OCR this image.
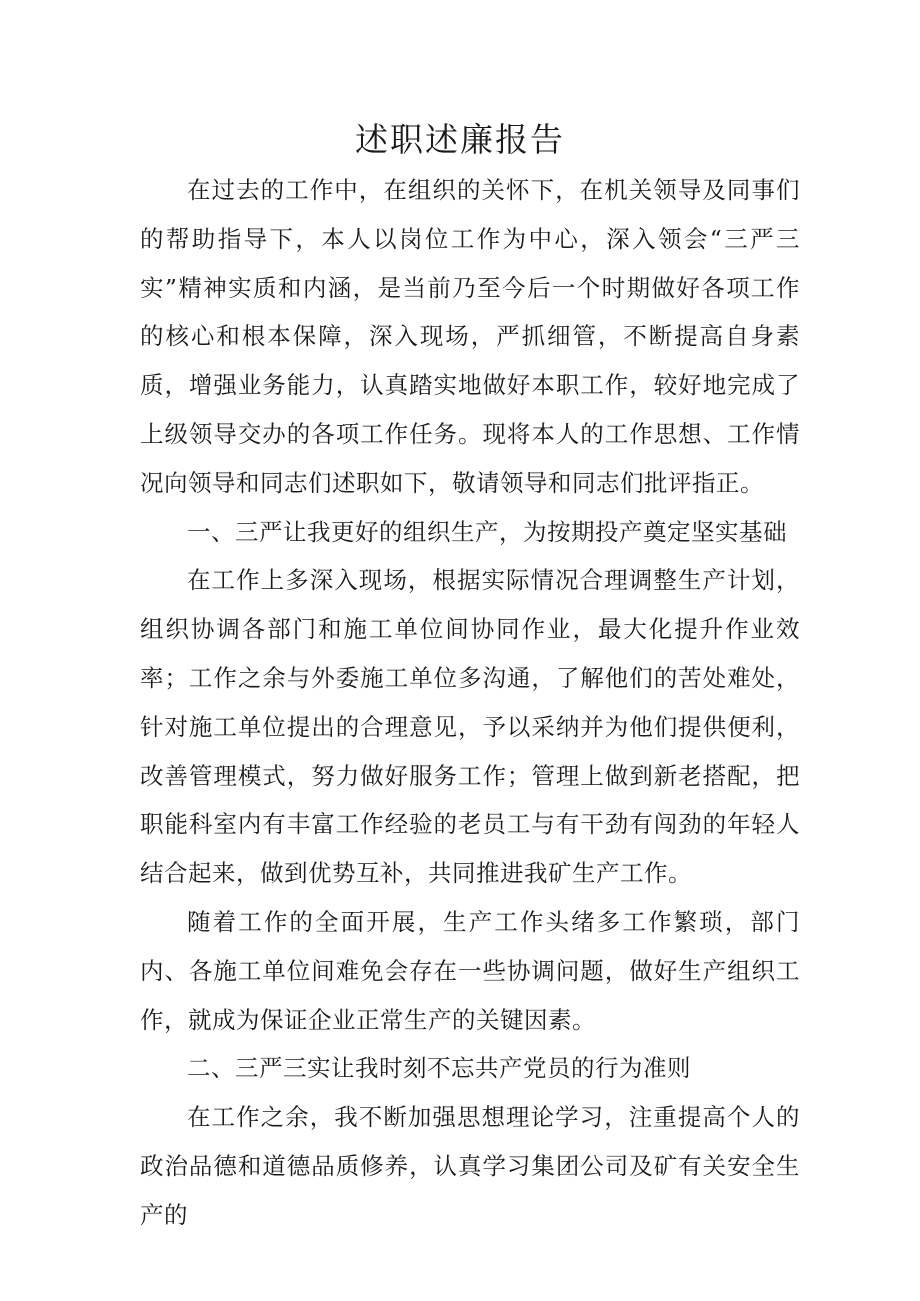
述职述廉报告

在过去的工作中，在组织的关怀下，在机关领导及同事们的帮助指导下，本人以岗位工作为中心，深入领会“三严三实”精神实质和内涵，是当前乃至今后一个时期做好各项工作的核心和根本保障，深入现场，严抓细管，不断提高自身素质，增强业务能力，认真踏实地做好本职工作，较好地完成了上级领导交办的各项工作任务。现将本人的工作思想、工作情况向领导和同志们述职如下，敬请领导和同志们批评指正。

一、三严让我更好的组织生产，为按期投产奠定坚实基础

在工作上多深入现场，根据实际情况合理调整生产计划，组织协调各部门和施工单位间协同作业，最大化提升作业效率；工作之余与外委施工单位多沟通，了解他们的苦处难处，针对施工单位提出的合理意见，予以采纳并为他们提供便利，改善管理模式，努力做好服务工作；管理上做到新老搭配，把职能科室内有丰富工作经验的老员工与有干劲有闯劲的年轻人结合起来，做到优势互补，共同推进我矿生产工作。

随着工作的全面开展，生产工作头绪多工作繁琐，部门内、各施工单位间难免会存在一些协调问题，做好生产组织工作，就成为保证企业正常生产的关键因素。

二、三严三实让我时刻不忘共产党员的行为准则

在工作之余，我不断加强思想理论学习，注重提高个人的政治品德和道德品质修养，认真学习集团公司及矿有关安全生产的
